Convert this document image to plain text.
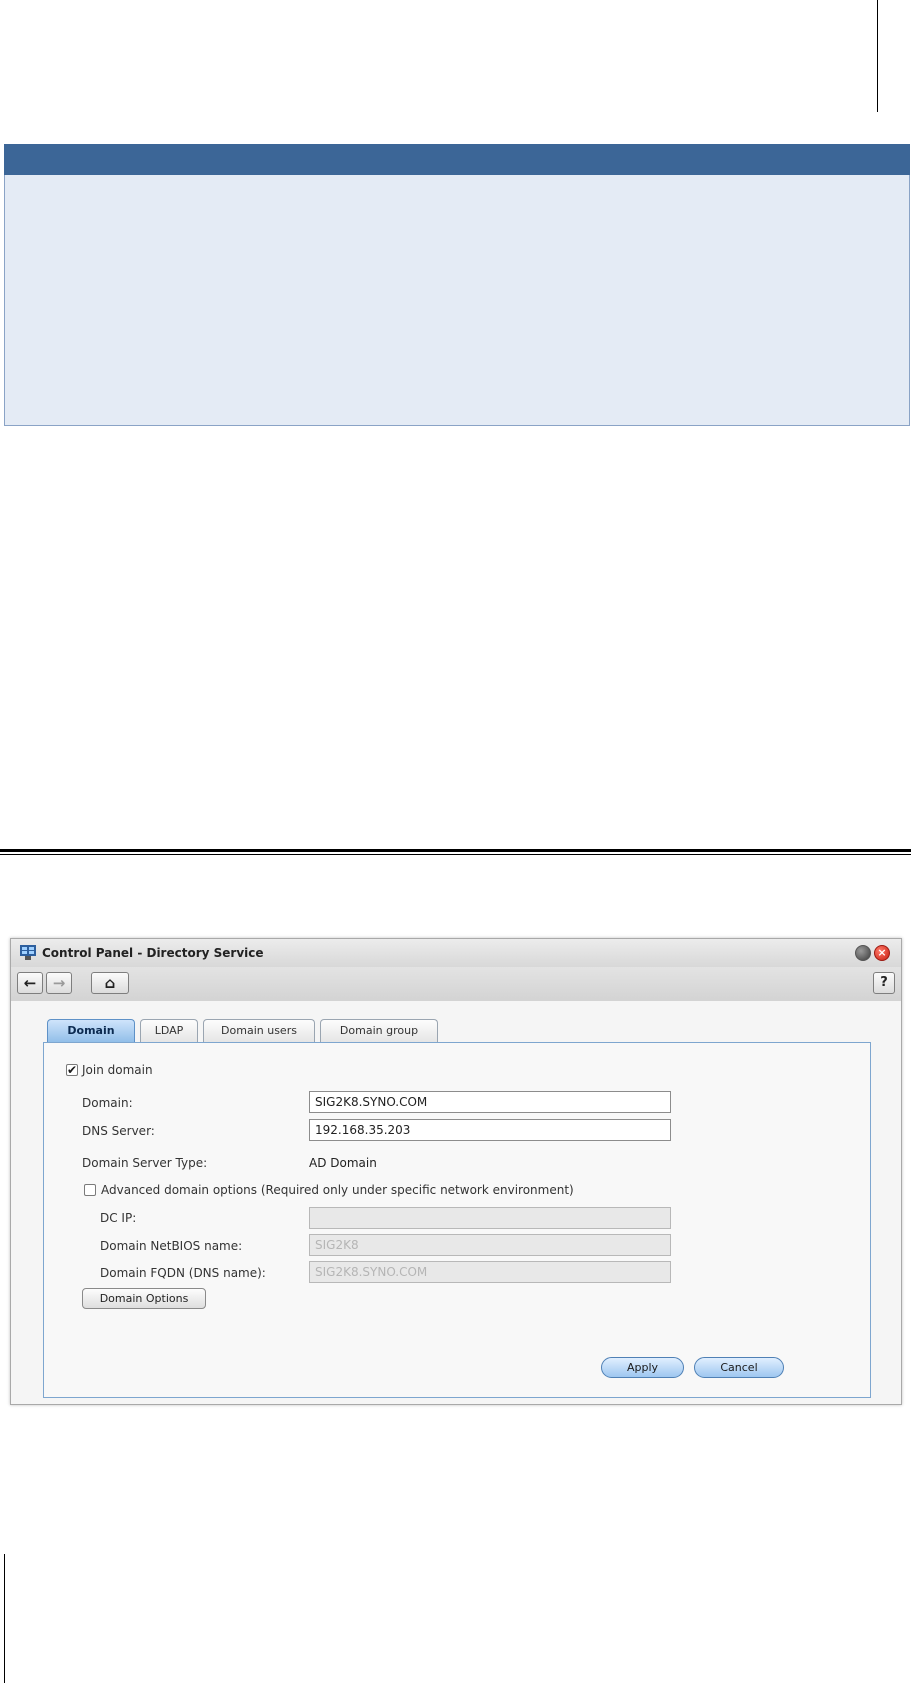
Control Panel - Directory Service	×
←	→	⌂	?
Domain	LDAP	Domain users	Domain group
✔ Join domain
Domain:	SIG2K8.SYNO.COM
DNS Server:	192.168.35.203
Domain Server Type:	AD Domain
Advanced domain options (Required only under specific network environment)
DC IP:
Domain NetBIOS name:	SIG2K8
Domain FQDN (DNS name):	SIG2K8.SYNO.COM
Domain Options
Apply	Cancel
